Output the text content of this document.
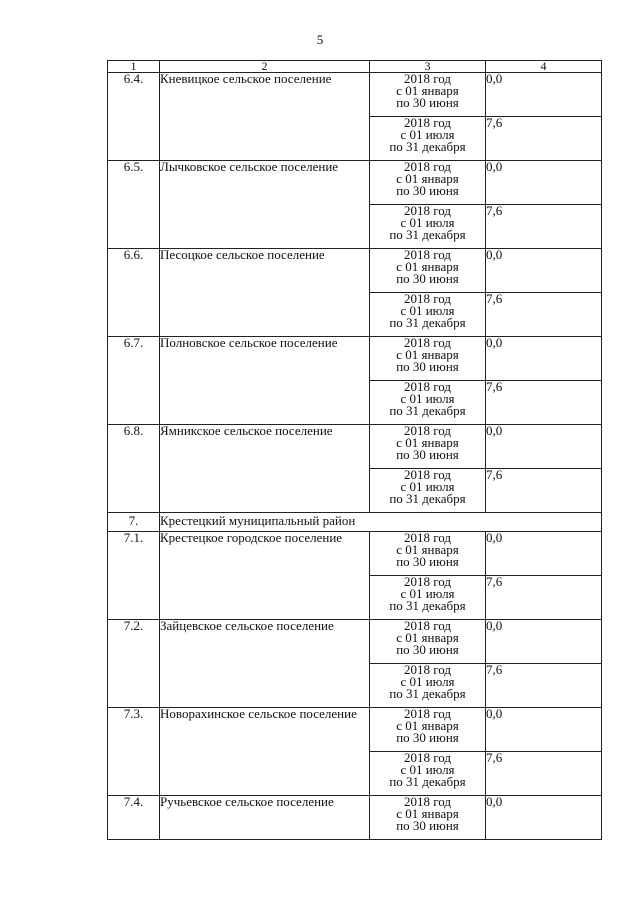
5
1	2	3	4
6.4.	Кневицкое сельское поселение	2018 год
с 01 января
по 30 июня	0,0

		2018 год
с 01 июля
по 31 декабря	7,6
6.5.	Лычковское сельское поселение	2018 год
с 01 января
по 30 июня	0,0

		2018 год
с 01 июля
по 31 декабря	7,6
6.6.	Песоцкое сельское поселение	2018 год
с 01 января
по 30 июня	0,0

		2018 год
с 01 июля
по 31 декабря	7,6
6.7.	Полновское сельское поселение	2018 год
с 01 января
по 30 июня	0,0

		2018 год
с 01 июля
по 31 декабря	7,6
6.8.	Ямникское сельское поселение	2018 год
с 01 января
по 30 июня	0,0

		2018 год
с 01 июля
по 31 декабря	7,6
7.	Крестецкий муниципальный район		
7.1.	Крестецкое городское поселение	2018 год
с 01 января
по 30 июня	0,0

		2018 год
с 01 июля
по 31 декабря	7,6
7.2.	Зайцевское сельское поселение	2018 год
с 01 января
по 30 июня	0,0

		2018 год
с 01 июля
по 31 декабря	7,6
7.3.	Новорахинское сельское поселение	2018 год
с 01 января
по 30 июня	0,0

		2018 год
с 01 июля
по 31 декабря	7,6
7.4.	Ручьевское сельское поселение	2018 год
с 01 января
по 30 июня	0,0
